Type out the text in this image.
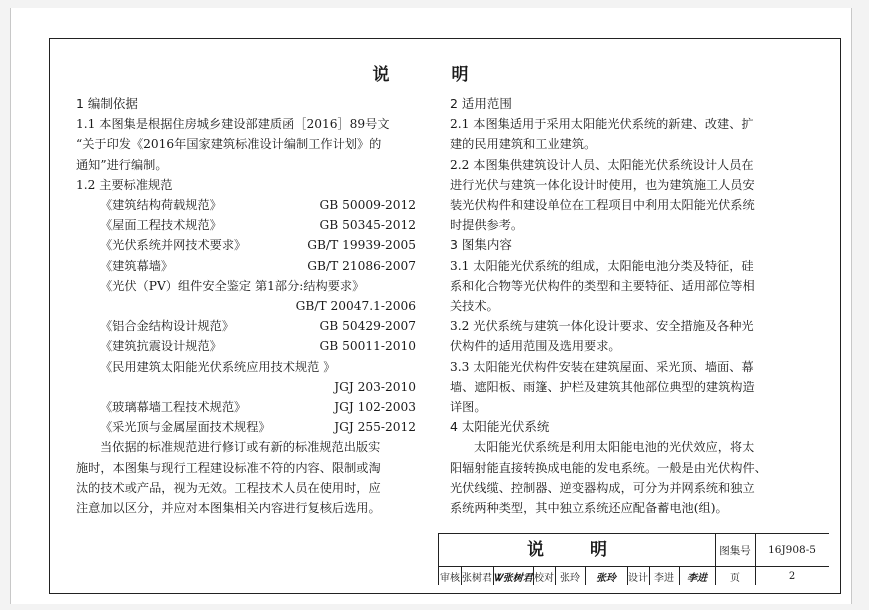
说 明
1 编制依据
1.1 本图集是根据住房城乡建设部建质函［2016］89号文
“关于印发《2016年国家建筑标准设计编制工作计划》的
通知”进行编制。
1.2 主要标准规范
《建筑结构荷载规范》	GB 50009-2012
《屋面工程技术规范》	GB 50345-2012
《光伏系统并网技术要求》	GB/T 19939-2005
《建筑幕墙》	GB/T 21086-2007
《光伏（PV）组件安全鉴定 第1部分:结构要求》
GB/T 20047.1-2006
《铝合金结构设计规范》	GB 50429-2007
《建筑抗震设计规范》	GB 50011-2010
《民用建筑太阳能光伏系统应用技术规范 》
JGJ 203-2010
《玻璃幕墙工程技术规范》	JGJ 102-2003
《采光顶与金属屋面技术规程》	JGJ 255-2012
当依据的标准规范进行修订或有新的标准规范出版实
施时，本图集与现行工程建设标准不符的内容、限制或淘
汰的技术或产品，视为无效。工程技术人员在使用时，应
注意加以区分，并应对本图集相关内容进行复核后选用。
2 适用范围
2.1 本图集适用于采用太阳能光伏系统的新建、改建、扩
建的民用建筑和工业建筑。
2.2 本图集供建筑设计人员、太阳能光伏系统设计人员在
进行光伏与建筑一体化设计时使用，也为建筑施工人员安
装光伏构件和建设单位在工程项目中利用太阳能光伏系统
时提供参考。
3 图集内容
3.1 太阳能光伏系统的组成，太阳能电池分类及特征，硅
系和化合物等光伏构件的类型和主要特征、适用部位等相
关技术。
3.2 光伏系统与建筑一体化设计要求、安全措施及各种光
伏构件的适用范围及选用要求。
3.3 太阳能光伏构件安装在建筑屋面、采光顶、墙面、幕
墙、遮阳板、雨篷、护栏及建筑其他部位典型的建筑构造
详图。
4 太阳能光伏系统
太阳能光伏系统是利用太阳能电池的光伏效应，将太
阳辐射能直接转换成电能的发电系统。一般是由光伏构件、
光伏线缆、控制器、逆变器构成，可分为并网系统和独立
系统两种类型，其中独立系统还应配备蓄电池(组)。
说 明	图集号	16J908-5
审核 张树君 Ꮤ张树君 校对 张玲	张玲	设计 李进	李进	页	2
